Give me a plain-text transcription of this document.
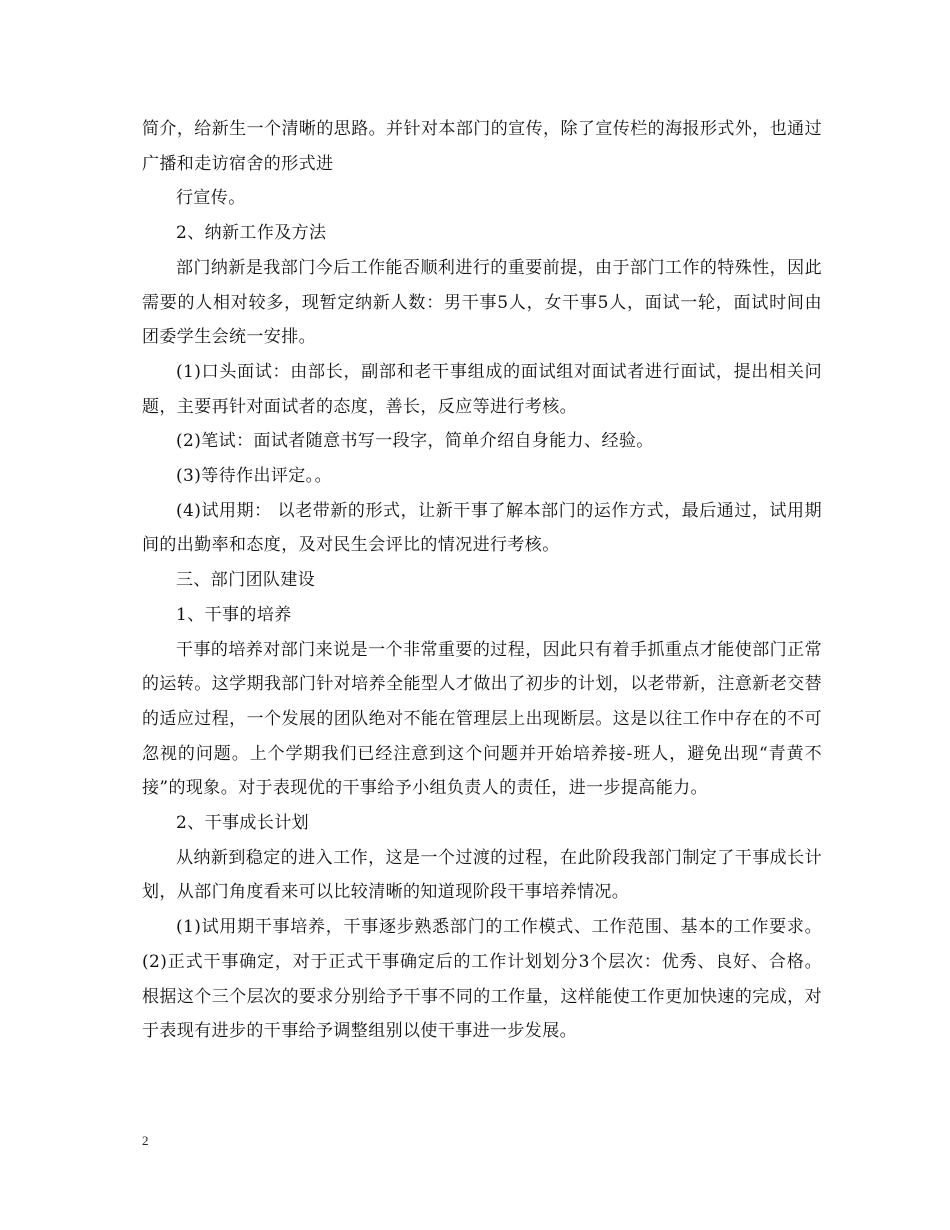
简介，给新生一个清晰的思路。并针对本部门的宣传，除了宣传栏的海报形式外，也通过广播和走访宿舍的形式进

行宣传。

2、纳新工作及方法

部门纳新是我部门今后工作能否顺利进行的重要前提，由于部门工作的特殊性，因此需要的人相对较多，现暂定纳新人数：男干事5人，女干事5人，面试一轮，面试时间由团委学生会统一安排。

(1)口头面试：由部长，副部和老干事组成的面试组对面试者进行面试，提出相关问题，主要再针对面试者的态度，善长，反应等进行考核。

(2)笔试：面试者随意书写一段字，简单介绍自身能力、经验。

(3)等待作出评定。。

(4)试用期： 以老带新的形式，让新干事了解本部门的运作方式，最后通过，试用期间的出勤率和态度，及对民生会评比的情况进行考核。

三、部门团队建设

1、干事的培养

干事的培养对部门来说是一个非常重要的过程，因此只有着手抓重点才能使部门正常的运转。这学期我部门针对培养全能型人才做出了初步的计划，以老带新，注意新老交替的适应过程，一个发展的团队绝对不能在管理层上出现断层。这是以往工作中存在的不可忽视的问题。上个学期我们已经注意到这个问题并开始培养接-班人，避免出现“青黄不接”的现象。对于表现优的干事给予小组负责人的责任，进一步提高能力。

2、干事成长计划

从纳新到稳定的进入工作，这是一个过渡的过程，在此阶段我部门制定了干事成长计划，从部门角度看来可以比较清晰的知道现阶段干事培养情况。

(1)试用期干事培养，干事逐步熟悉部门的工作模式、工作范围、基本的工作要求。(2)正式干事确定，对于正式干事确定后的工作计划划分3个层次：优秀、良好、合格。根据这个三个层次的要求分别给予干事不同的工作量，这样能使工作更加快速的完成，对于表现有进步的干事给予调整组别以使干事进一步发展。

2
